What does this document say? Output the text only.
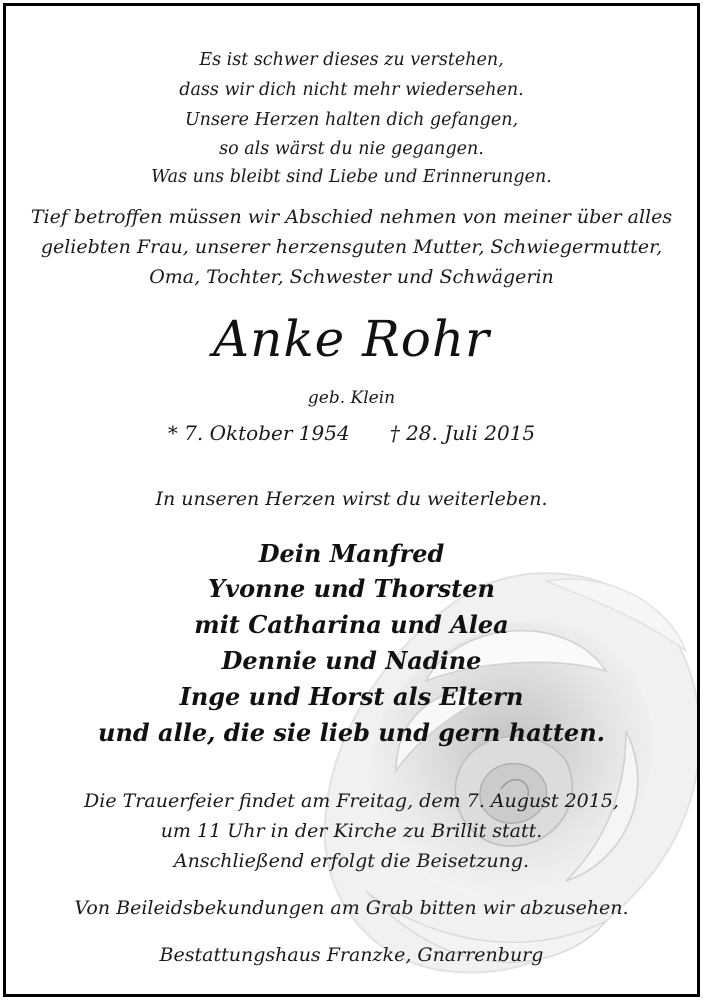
Es ist schwer dieses zu verstehen,
dass wir dich nicht mehr wiedersehen.
Unsere Herzen halten dich gefangen,
so als wärst du nie gegangen.
Was uns bleibt sind Liebe und Erinnerungen.
Tief betroffen müssen wir Abschied nehmen von meiner über alles
geliebten Frau, unserer herzensguten Mutter, Schwiegermutter,
Oma, Tochter, Schwester und Schwägerin
Anke Rohr
geb. Klein
* 7. Oktober 1954 † 28. Juli 2015
In unseren Herzen wirst du weiterleben.
Dein Manfred
Yvonne und Thorsten
mit Catharina und Alea
Dennie und Nadine
Inge und Horst als Eltern
und alle, die sie lieb und gern hatten.
Die Trauerfeier findet am Freitag, dem 7. August 2015,
um 11 Uhr in der Kirche zu Brillit statt.
Anschließend erfolgt die Beisetzung.
Von Beileidsbekundungen am Grab bitten wir abzusehen.
Bestattungshaus Franzke, Gnarrenburg
